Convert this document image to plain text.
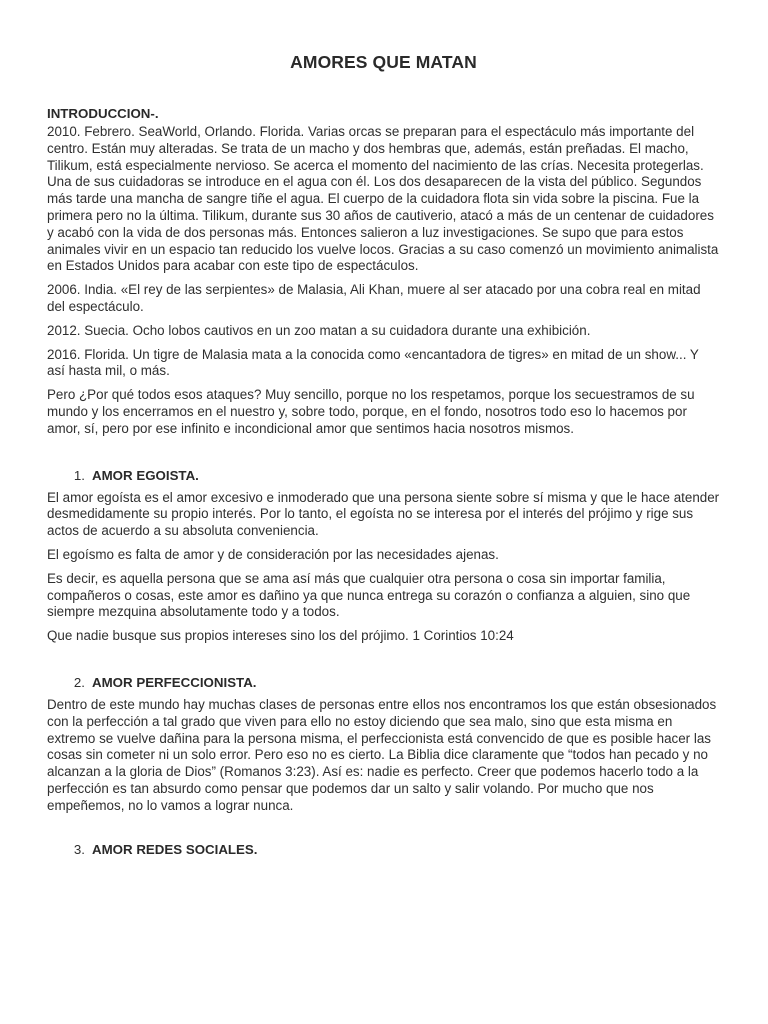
AMORES QUE MATAN
INTRODUCCION-.

2010. Febrero. SeaWorld, Orlando. Florida. Varias orcas se preparan para el espectáculo más importante del centro. Están muy alteradas. Se trata de un macho y dos hembras que, además, están preñadas. El macho, Tilikum, está especialmente nervioso. Se acerca el momento del nacimiento de las crías. Necesita protegerlas. Una de sus cuidadoras se introduce en el agua con él. Los dos desaparecen de la vista del público. Segundos más tarde una mancha de sangre tiñe el agua. El cuerpo de la cuidadora flota sin vida sobre la piscina. Fue la primera pero no la última. Tilikum, durante sus 30 años de cautiverio, atacó a más de un centenar de cuidadores y acabó con la vida de dos personas más. Entonces salieron a luz investigaciones. Se supo que para estos animales vivir en un espacio tan reducido los vuelve locos. Gracias a su caso comenzó un movimiento animalista en Estados Unidos para acabar con este tipo de espectáculos.

2006. India. «El rey de las serpientes» de Malasia, Ali Khan, muere al ser atacado por una cobra real en mitad del espectáculo.

2012. Suecia. Ocho lobos cautivos en un zoo matan a su cuidadora durante una exhibición.

2016. Florida. Un tigre de Malasia mata a la conocida como «encantadora de tigres» en mitad de un show... Y así hasta mil, o más.

Pero ¿Por qué todos esos ataques? Muy sencillo, porque no los respetamos, porque los secuestramos de su mundo y los encerramos en el nuestro y, sobre todo, porque, en el fondo, nosotros todo eso lo hacemos por amor, sí, pero por ese infinito e incondicional amor que sentimos hacia nosotros mismos.

1. AMOR EGOISTA.

El amor egoísta es el amor excesivo e inmoderado que una persona siente sobre sí misma y que le hace atender desmedidamente su propio interés. Por lo tanto, el egoísta no se interesa por el interés del prójimo y rige sus actos de acuerdo a su absoluta conveniencia.

El egoísmo es falta de amor y de consideración por las necesidades ajenas.

Es decir, es aquella persona que se ama así más que cualquier otra persona o cosa sin importar familia, compañeros o cosas, este amor es dañino ya que nunca entrega su corazón o confianza a alguien, sino que siempre mezquina absolutamente todo y a todos.

Que nadie busque sus propios intereses sino los del prójimo. 1 Corintios 10:24

2. AMOR PERFECCIONISTA.

Dentro de este mundo hay muchas clases de personas entre ellos nos encontramos los que están obsesionados con la perfección a tal grado que viven para ello no estoy diciendo que sea malo, sino que esta misma en extremo se vuelve dañina para la persona misma, el perfeccionista está convencido de que es posible hacer las cosas sin cometer ni un solo error. Pero eso no es cierto. La Biblia dice claramente que “todos han pecado y no alcanzan a la gloria de Dios” (Romanos 3:23). Así es: nadie es perfecto. Creer que podemos hacerlo todo a la perfección es tan absurdo como pensar que podemos dar un salto y salir volando. Por mucho que nos empeñemos, no lo vamos a lograr nunca.

3. AMOR REDES SOCIALES.
